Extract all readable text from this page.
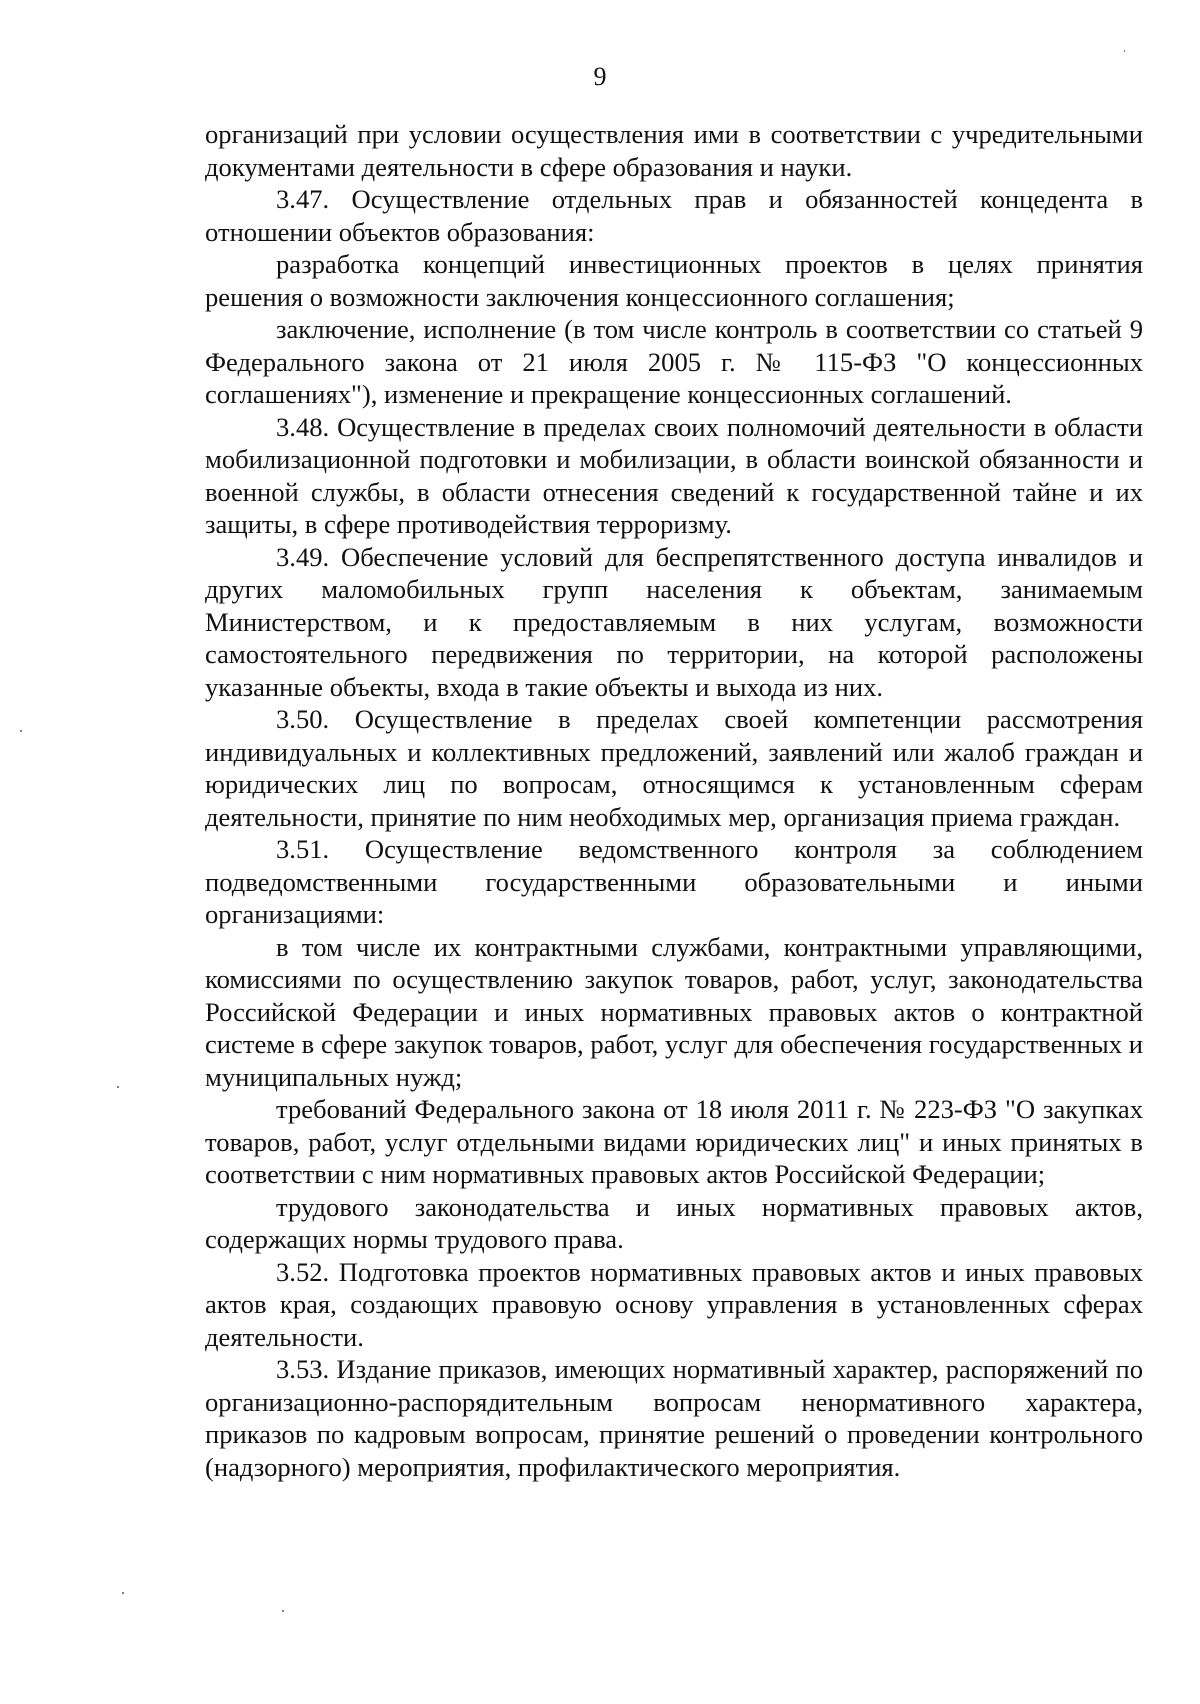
9

организаций при условии осуществления ими в соответствии с учредительными документами деятельности в сфере образования и науки.

3.47. Осуществление отдельных прав и обязанностей концедента в отношении объектов образования:

разработка концепций инвестиционных проектов в целях принятия решения о возможности заключения концессионного соглашения;

заключение, исполнение (в том числе контроль в соответствии со статьей 9 Федерального закона от 21 июля 2005 г. № 115-ФЗ "О концессионных соглашениях"), изменение и прекращение концессионных соглашений.

3.48. Осуществление в пределах своих полномочий деятельности в области мобилизационной подготовки и мобилизации, в области воинской обязанности и военной службы, в области отнесения сведений к государственной тайне и их защиты, в сфере противодействия терроризму.

3.49. Обеспечение условий для беспрепятственного доступа инвалидов и других маломобильных групп населения к объектам, занимаемым Министерством, и к предоставляемым в них услугам, возможности самостоятельного передвижения по территории, на которой расположены указанные объекты, входа в такие объекты и выхода из них.

3.50. Осуществление в пределах своей компетенции рассмотрения индивидуальных и коллективных предложений, заявлений или жалоб граждан и юридических лиц по вопросам, относящимся к установленным сферам деятельности, принятие по ним необходимых мер, организация приема граждан.

3.51. Осуществление ведомственного контроля за соблюдением подведомственными государственными образовательными и иными организациями:

в том числе их контрактными службами, контрактными управляющими, комиссиями по осуществлению закупок товаров, работ, услуг, законодательства Российской Федерации и иных нормативных правовых актов о контрактной системе в сфере закупок товаров, работ, услуг для обеспечения государственных и муниципальных нужд;

требований Федерального закона от 18 июля 2011 г. № 223-ФЗ "О закупках товаров, работ, услуг отдельными видами юридических лиц" и иных принятых в соответствии с ним нормативных правовых актов Российской Федерации;

трудового законодательства и иных нормативных правовых актов, содержащих нормы трудового права.

3.52. Подготовка проектов нормативных правовых актов и иных правовых актов края, создающих правовую основу управления в установленных сферах деятельности.

3.53. Издание приказов, имеющих нормативный характер, распоряжений по организационно-распорядительным вопросам ненормативного характера, приказов по кадровым вопросам, принятие решений о проведении контрольного (надзорного) мероприятия, профилактического мероприятия.
